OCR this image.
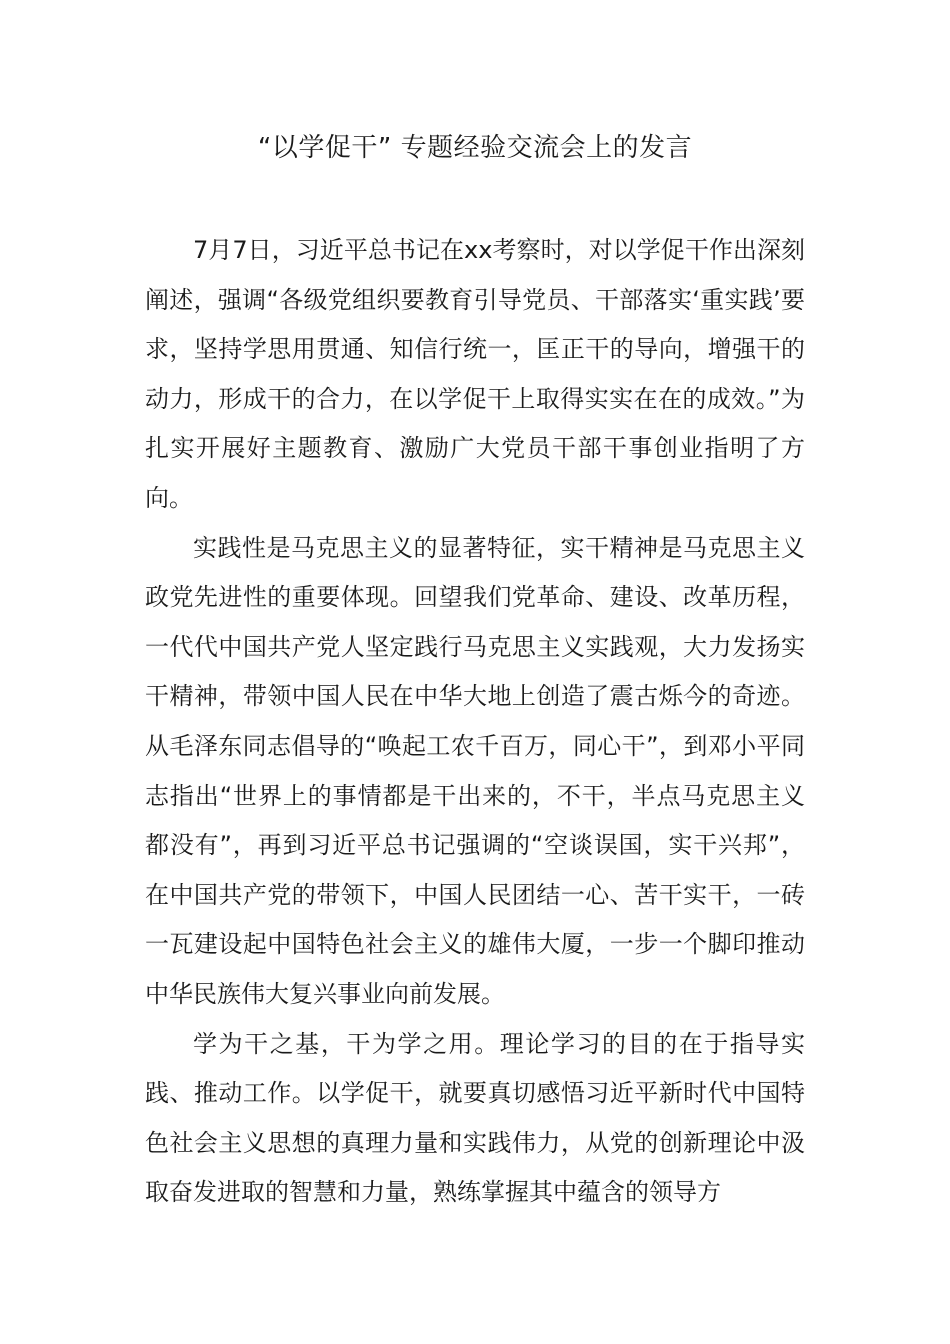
“以学促干” 专题经验交流会上的发言

7月7日，习近平总书记在xx考察时，对以学促干作出深刻阐述，强调“各级党组织要教育引导党员、干部落实‘重实践’要求，坚持学思用贯通、知信行统一，匡正干的导向，增强干的动力，形成干的合力，在以学促干上取得实实在在的成效。”为扎实开展好主题教育、激励广大党员干部干事创业指明了方向。

实践性是马克思主义的显著特征，实干精神是马克思主义政党先进性的重要体现。回望我们党革命、建设、改革历程，一代代中国共产党人坚定践行马克思主义实践观，大力发扬实干精神，带领中国人民在中华大地上创造了震古烁今的奇迹。从毛泽东同志倡导的“唤起工农千百万，同心干”，到邓小平同志指出“世界上的事情都是干出来的，不干，半点马克思主义都没有”，再到习近平总书记强调的“空谈误国，实干兴邦”，在中国共产党的带领下，中国人民团结一心、苦干实干，一砖一瓦建设起中国特色社会主义的雄伟大厦，一步一个脚印推动中华民族伟大复兴事业向前发展。

学为干之基，干为学之用。理论学习的目的在于指导实践、推动工作。以学促干，就要真切感悟习近平新时代中国特色社会主义思想的真理力量和实践伟力，从党的创新理论中汲取奋发进取的智慧和力量，熟练掌握其中蕴含的领导方
